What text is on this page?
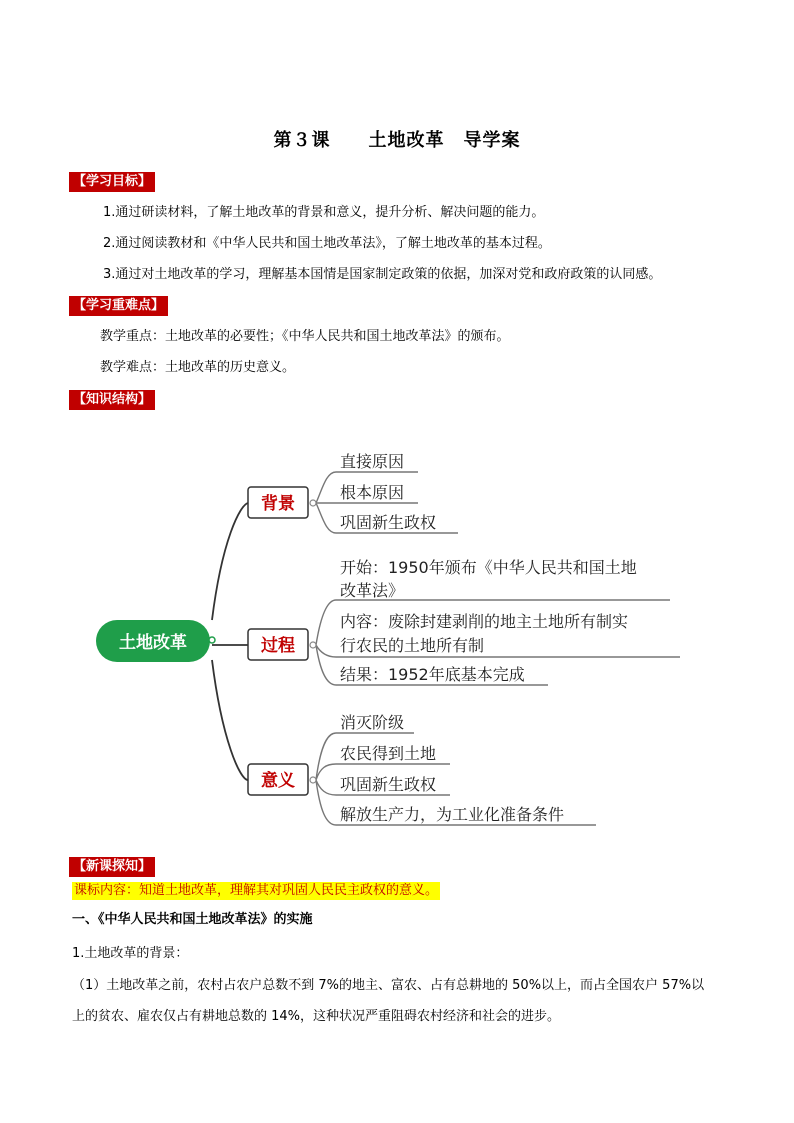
第３课　　土地改革　导学案
【学习目标】
1.通过研读材料，了解土地改革的背景和意义，提升分析、解决问题的能力。
2.通过阅读教材和《中华人民共和国土地改革法》，了解土地改革的基本过程。
3.通过对土地改革的学习，理解基本国情是国家制定政策的依据，加深对党和政府政策的认同感。
【学习重难点】
教学重点：土地改革的必要性；《中华人民共和国土地改革法》的颁布。
教学难点：土地改革的历史意义。
【知识结构】
土地改革
背景
过程
意义
直接原因
根本原因
巩固新生政权
开始：1950年颁布《中华人民共和国土地
改革法》
内容：废除封建剥削的地主土地所有制实
行农民的土地所有制
结果：1952年底基本完成
消灭阶级
农民得到土地
巩固新生政权
解放生产力，为工业化准备条件
【新课探知】
课标内容：知道土地改革，理解其对巩固人民民主政权的意义。
一、《中华人民共和国土地改革法》的实施
1.土地改革的背景：
（1）土地改革之前，农村占农户总数不到 7%的地主、富农、占有总耕地的 50%以上，而占全国农户 57%以
上的贫农、雇农仅占有耕地总数的 14%，这种状况严重阻碍农村经济和社会的进步。
